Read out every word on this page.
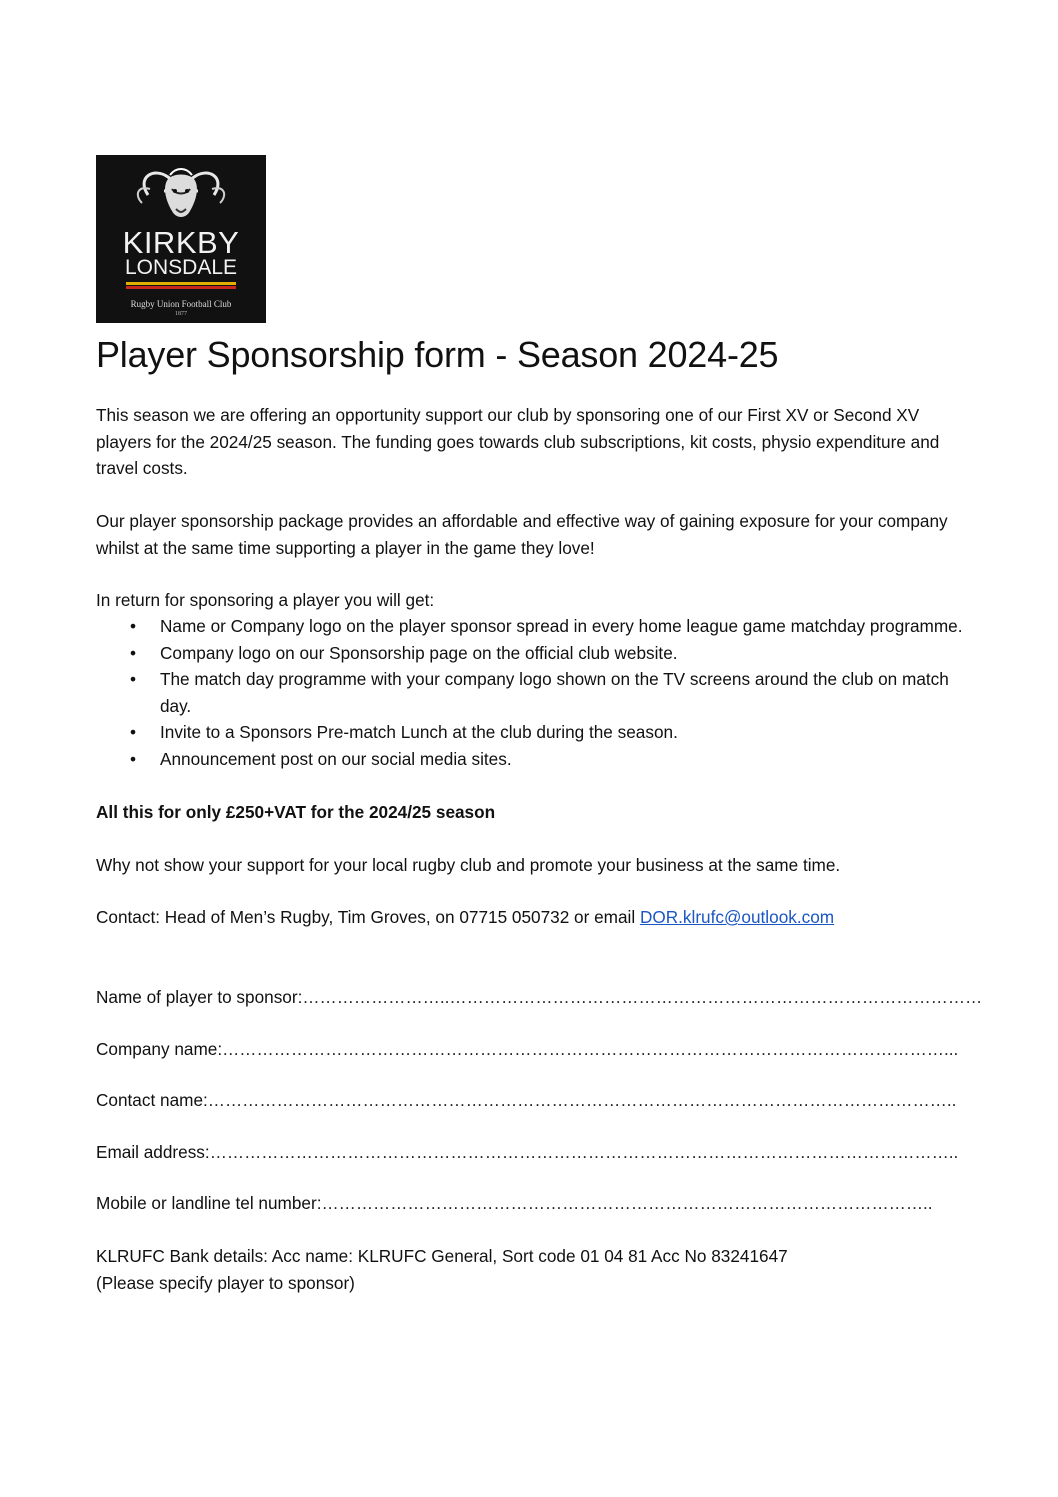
KIRKBY
LONSDALE
Rugby Union Football Club
1877
Player Sponsorship form - Season 2024-25
This season we are offering an opportunity support our club by sponsoring one of our First XV or Second XV players for the 2024/25 season. The funding goes towards club subscriptions, kit costs, physio expenditure and travel costs.
Our player sponsorship package provides an affordable and effective way of gaining exposure for your company whilst at the same time supporting a player in the game they love!
In return for sponsoring a player you will get:
• Name or Company logo on the player sponsor spread in every home league game matchday programme.
• Company logo on our Sponsorship page on the official club website.
• The match day programme with your company logo shown on the TV screens around the club on match day.
• Invite to a Sponsors Pre-match Lunch at the club during the season.
• Announcement post on our social media sites.
All this for only £250+VAT for the 2024/25 season
Why not show your support for your local rugby club and promote your business at the same time.
Contact: Head of Men’s Rugby, Tim Groves, on 07715 050732 or email DOR.klrufc@outlook.com
Name of player to sponsor:……………………..…………………………………………………………………………………
Company name:………………………………………………………………………………………………………………...
Contact name:…………………………………………………………………………………………………………………..
Email address:…………………………………………………………………………………………………………………..
Mobile or landline tel number:……………………………………………………………………………………………..
KLRUFC Bank details: Acc name: KLRUFC General, Sort code 01 04 81 Acc No 83241647
(Please specify player to sponsor)
